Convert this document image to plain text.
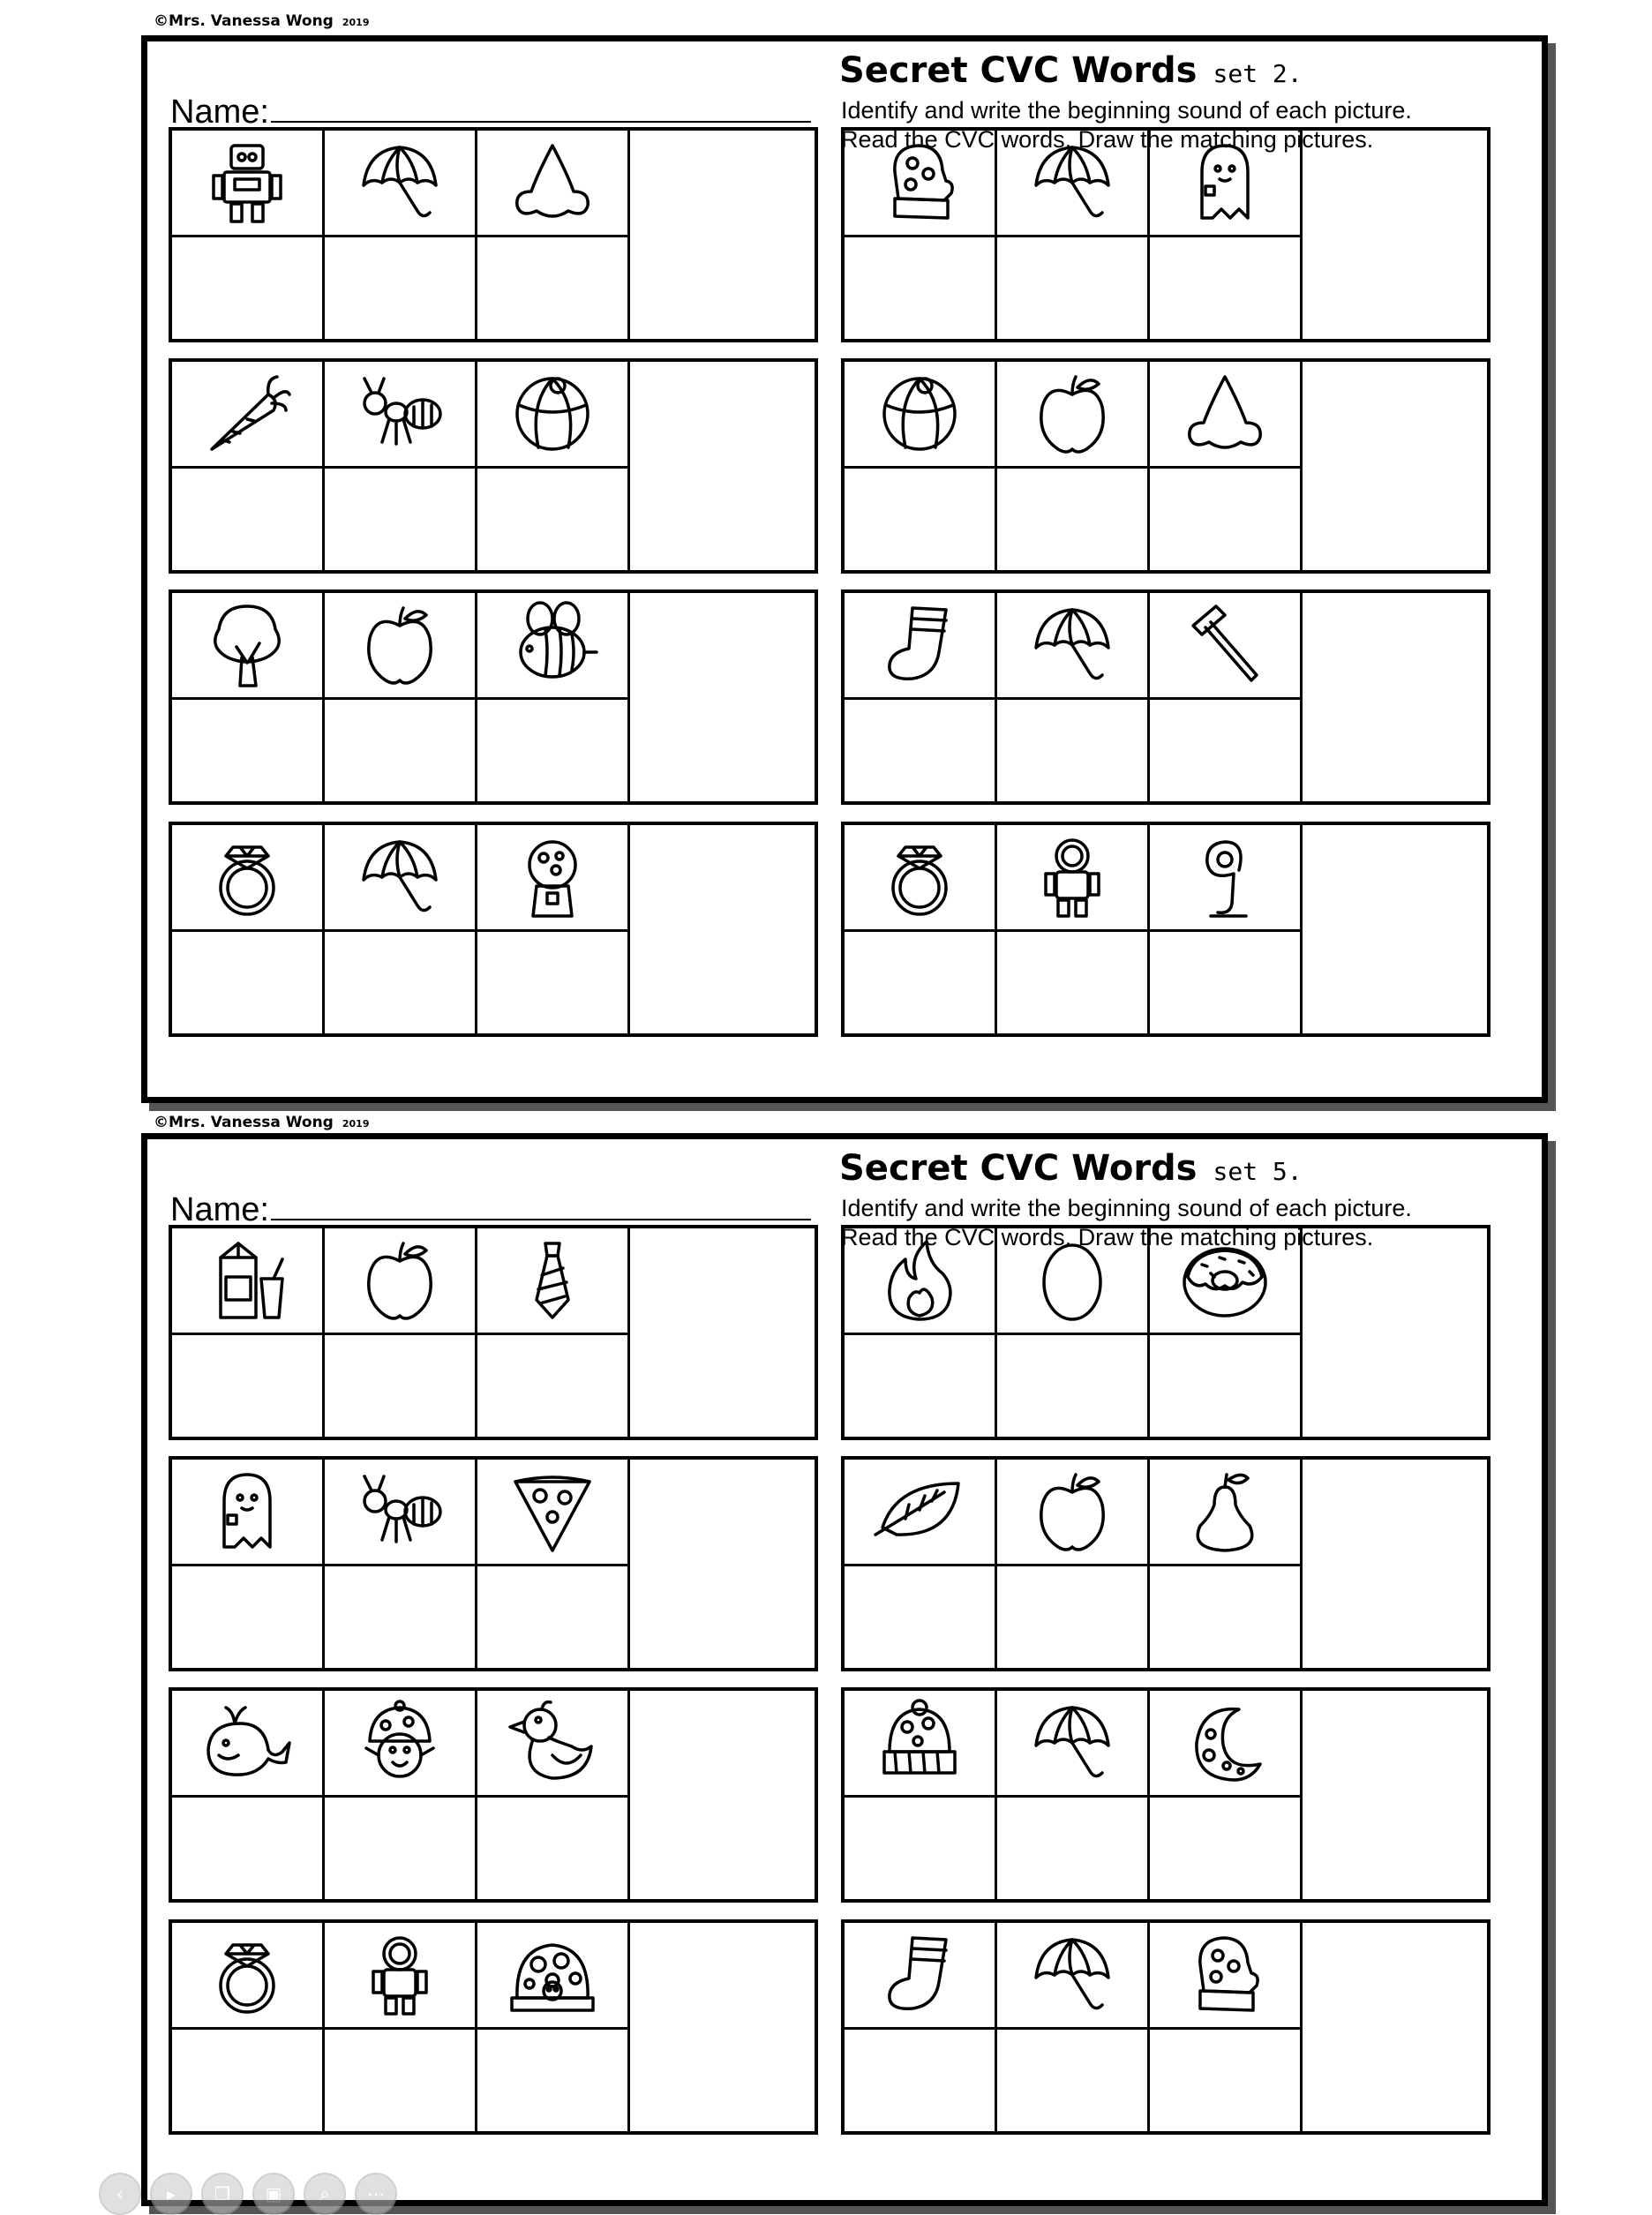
©Mrs. Vanessa Wong 2019
Name:
Secret CVC Words set 2.
Identify and write the beginning sound of each picture.
Read the CVC words. Draw the matching pictures.
©Mrs. Vanessa Wong 2019
Name:
Secret CVC Words set 5.
Identify and write the beginning sound of each picture.
Read the CVC words. Draw the matching pictures.
‹	▸	❐	▣	⌕	⋯
